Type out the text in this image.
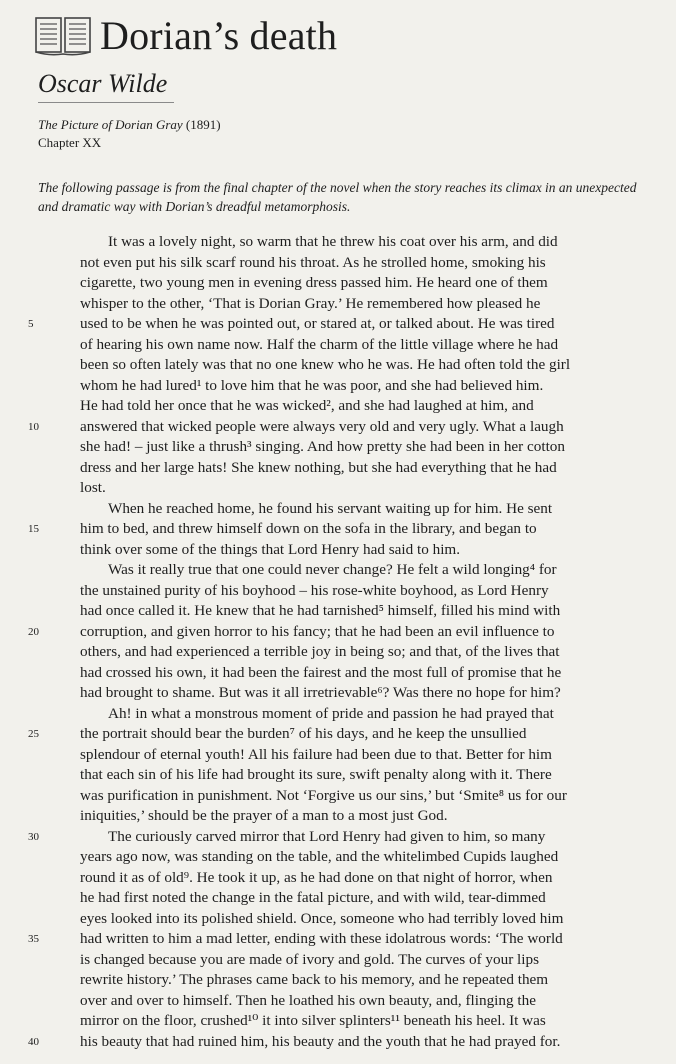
Dorian’s death
Oscar Wilde
The Picture of Dorian Gray (1891)
Chapter XX
The following passage is from the final chapter of the novel when the story reaches its climax in an unexpected and dramatic way with Dorian’s dreadful metamorphosis.
It was a lovely night, so warm that he threw his coat over his arm, and did
not even put his silk scarf round his throat. As he strolled home, smoking his
cigarette, two young men in evening dress passed him. He heard one of them
whisper to the other, ‘That is Dorian Gray.’ He remembered how pleased he
5	used to be when he was pointed out, or stared at, or talked about. He was tired
of hearing his own name now. Half the charm of the little village where he had
been so often lately was that no one knew who he was. He had often told the girl
whom he had lured¹ to love him that he was poor, and she had believed him.
He had told her once that he was wicked², and she had laughed at him, and
10	answered that wicked people were always very old and very ugly. What a laugh
she had! – just like a thrush³ singing. And how pretty she had been in her cotton
dress and her large hats! She knew nothing, but she had everything that he had
lost.
When he reached home, he found his servant waiting up for him. He sent
15	him to bed, and threw himself down on the sofa in the library, and began to
think over some of the things that Lord Henry had said to him.
Was it really true that one could never change? He felt a wild longing⁴ for
the unstained purity of his boyhood – his rose-white boyhood, as Lord Henry
had once called it. He knew that he had tarnished⁵ himself, filled his mind with
20	corruption, and given horror to his fancy; that he had been an evil influence to
others, and had experienced a terrible joy in being so; and that, of the lives that
had crossed his own, it had been the fairest and the most full of promise that he
had brought to shame. But was it all irretrievable⁶? Was there no hope for him?
Ah! in what a monstrous moment of pride and passion he had prayed that
25	the portrait should bear the burden⁷ of his days, and he keep the unsullied
splendour of eternal youth! All his failure had been due to that. Better for him
that each sin of his life had brought its sure, swift penalty along with it. There
was purification in punishment. Not ‘Forgive us our sins,’ but ‘Smite⁸ us for our
iniquities,’ should be the prayer of a man to a most just God.
30	The curiously carved mirror that Lord Henry had given to him, so many
years ago now, was standing on the table, and the whitelimbed Cupids laughed
round it as of old⁹. He took it up, as he had done on that night of horror, when
he had first noted the change in the fatal picture, and with wild, tear-dimmed
eyes looked into its polished shield. Once, someone who had terribly loved him
35	had written to him a mad letter, ending with these idolatrous words: ‘The world
is changed because you are made of ivory and gold. The curves of your lips
rewrite history.’ The phrases came back to his memory, and he repeated them
over and over to himself. Then he loathed his own beauty, and, flinging the
mirror on the floor, crushed¹⁰ it into silver splinters¹¹ beneath his heel. It was
40	his beauty that had ruined him, his beauty and the youth that he had prayed for.
